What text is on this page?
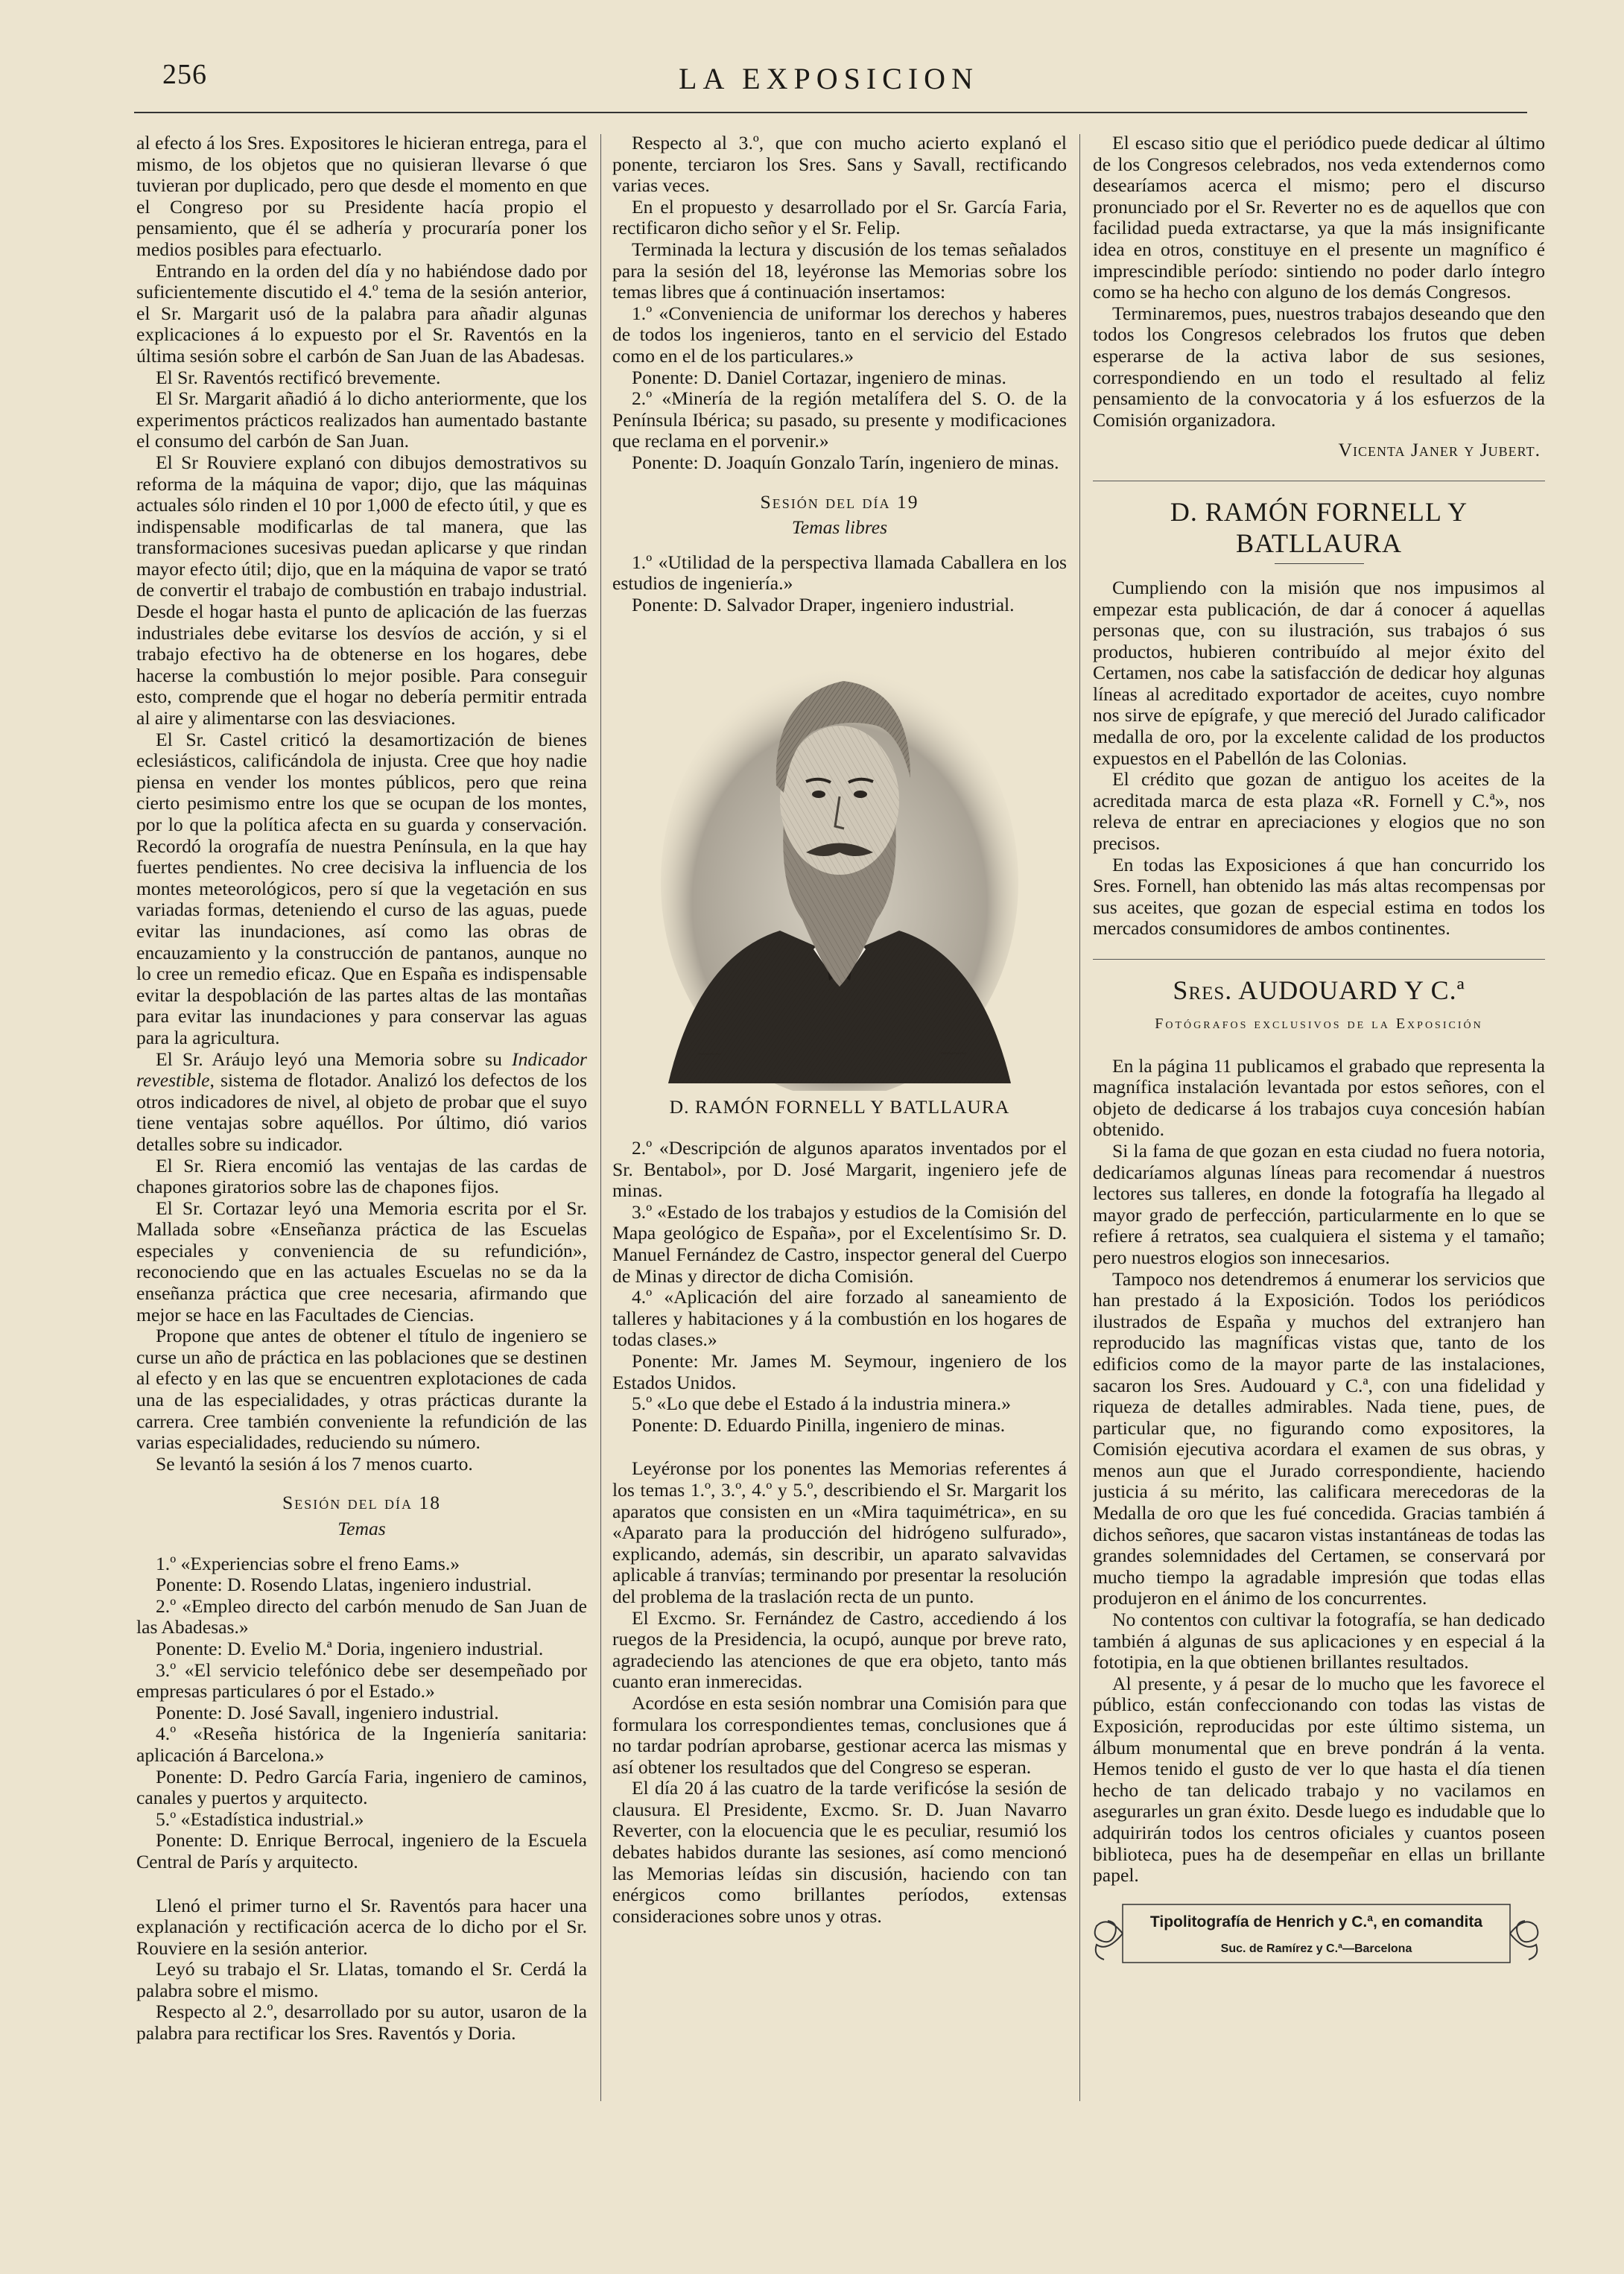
256	LA EXPOSICION

al efecto á los Sres. Expositores le hicieran entrega, para el mismo, de los objetos que no quisieran llevarse ó que tuvieran por duplicado, pero que desde el momento en que el Congreso por su Presidente hacía propio el pensamiento, que él se adhería y procuraría poner los medios posibles para efectuarlo.

Entrando en la orden del día y no habiéndose dado por suficientemente discutido el 4.º tema de la sesión anterior, el Sr. Margarit usó de la palabra para añadir algunas explicaciones á lo expuesto por el Sr. Raventós en la última sesión sobre el carbón de San Juan de las Abadesas.

El Sr. Raventós rectificó brevemente.

El Sr. Margarit añadió á lo dicho anteriormente, que los experimentos prácticos realizados han aumentado bastante el consumo del carbón de San Juan.

El Sr Rouviere explanó con dibujos demostrativos su reforma de la máquina de vapor; dijo, que las máquinas actuales sólo rinden el 10 por 1,000 de efecto útil, y que es indispensable modificarlas de tal manera, que las transformaciones sucesivas puedan aplicarse y que rindan mayor efecto útil; dijo, que en la máquina de vapor se trató de convertir el trabajo de combustión en trabajo industrial. Desde el hogar hasta el punto de aplicación de las fuerzas industriales debe evitarse los desvíos de acción, y si el trabajo efectivo ha de obtenerse en los hogares, debe hacerse la combustión lo mejor posible. Para conseguir esto, comprende que el hogar no debería permitir entrada al aire y alimentarse con las desviaciones.

El Sr. Castel criticó la desamortización de bienes eclesiásticos, calificándola de injusta. Cree que hoy nadie piensa en vender los montes públicos, pero que reina cierto pesimismo entre los que se ocupan de los montes, por lo que la política afecta en su guarda y conservación. Recordó la orografía de nuestra Península, en la que hay fuertes pendientes. No cree decisiva la influencia de los montes meteorológicos, pero sí que la vegetación en sus variadas formas, deteniendo el curso de las aguas, puede evitar las inundaciones, así como las obras de encauzamiento y la construcción de pantanos, aunque no lo cree un remedio eficaz. Que en España es indispensable evitar la despoblación de las partes altas de las montañas para evitar las inundaciones y para conservar las aguas para la agricultura.

El Sr. Aráujo leyó una Memoria sobre su Indicador revestible, sistema de flotador. Analizó los defectos de los otros indicadores de nivel, al objeto de probar que el suyo tiene ventajas sobre aquéllos. Por último, dió varios detalles sobre su indicador.

El Sr. Riera encomió las ventajas de las cardas de chapones giratorios sobre las de chapones fijos.

El Sr. Cortazar leyó una Memoria escrita por el Sr. Mallada sobre «Enseñanza práctica de las Escuelas especiales y conveniencia de su refundición», reconociendo que en las actuales Escuelas no se da la enseñanza práctica que cree necesaria, afirmando que mejor se hace en las Facultades de Ciencias.

Propone que antes de obtener el título de ingeniero se curse un año de práctica en las poblaciones que se destinen al efecto y en las que se encuentren explotaciones de cada una de las especialidades, y otras prácticas durante la carrera. Cree también conveniente la refundición de las varias especialidades, reduciendo su número.

Se levantó la sesión á los 7 menos cuarto.

Sesión del día 18

Temas

1.º «Experiencias sobre el freno Eams.»

Ponente: D. Rosendo Llatas, ingeniero industrial.

2.º «Empleo directo del carbón menudo de San Juan de las Abadesas.»

Ponente: D. Evelio M.ª Doria, ingeniero industrial.

3.º «El servicio telefónico debe ser desempeñado por empresas particulares ó por el Estado.»

Ponente: D. José Savall, ingeniero industrial.

4.º «Reseña histórica de la Ingeniería sanitaria: aplicación á Barcelona.»

Ponente: D. Pedro García Faria, ingeniero de caminos, canales y puertos y arquitecto.

5.º «Estadística industrial.»

Ponente: D. Enrique Berrocal, ingeniero de la Escuela Central de París y arquitecto.

Llenó el primer turno el Sr. Raventós para hacer una explanación y rectificación acerca de lo dicho por el Sr. Rouviere en la sesión anterior.

Leyó su trabajo el Sr. Llatas, tomando el Sr. Cerdá la palabra sobre el mismo.

Respecto al 2.º, desarrollado por su autor, usaron de la palabra para rectificar los Sres. Raventós y Doria.

Respecto al 3.º, que con mucho acierto explanó el ponente, terciaron los Sres. Sans y Savall, rectificando varias veces.

En el propuesto y desarrollado por el Sr. García Faria, rectificaron dicho señor y el Sr. Felip.

Terminada la lectura y discusión de los temas señalados para la sesión del 18, leyéronse las Memorias sobre los temas libres que á continuación insertamos:

1.º «Conveniencia de uniformar los derechos y haberes de todos los ingenieros, tanto en el servicio del Estado como en el de los particulares.»

Ponente: D. Daniel Cortazar, ingeniero de minas.

2.º «Minería de la región metalífera del S. O. de la Península Ibérica; su pasado, su presente y modificaciones que reclama en el porvenir.»

Ponente: D. Joaquín Gonzalo Tarín, ingeniero de minas.

Sesión del día 19

Temas libres

1.º «Utilidad de la perspectiva llamada Caballera en los estudios de ingeniería.»

Ponente: D. Salvador Draper, ingeniero industrial.

~~~~	~~~~

D. RAMÓN FORNELL Y BATLLAURA

2.º «Descripción de algunos aparatos inventados por el Sr. Bentabol», por D. José Margarit, ingeniero jefe de minas.

3.º «Estado de los trabajos y estudios de la Comisión del Mapa geológico de España», por el Excelentísimo Sr. D. Manuel Fernández de Castro, inspector general del Cuerpo de Minas y director de dicha Comisión.

4.º «Aplicación del aire forzado al saneamiento de talleres y habitaciones y á la combustión en los hogares de todas clases.»

Ponente: Mr. James M. Seymour, ingeniero de los Estados Unidos.

5.º «Lo que debe el Estado á la industria minera.»

Ponente: D. Eduardo Pinilla, ingeniero de minas.

Leyéronse por los ponentes las Memorias referentes á los temas 1.º, 3.º, 4.º y 5.º, describiendo el Sr. Margarit los aparatos que consisten en un «Mira taquimétrica», en su «Aparato para la producción del hidrógeno sulfurado», explicando, además, sin describir, un aparato salvavidas aplicable á tranvías; terminando por presentar la resolución del problema de la traslación recta de un punto.

El Excmo. Sr. Fernández de Castro, accediendo á los ruegos de la Presidencia, la ocupó, aunque por breve rato, agradeciendo las atenciones de que era objeto, tanto más cuanto eran inmerecidas.

Acordóse en esta sesión nombrar una Comisión para que formulara los correspondientes temas, conclusiones que á no tardar podrían aprobarse, gestionar acerca las mismas y así obtener los resultados que del Congreso se esperan.

El día 20 á las cuatro de la tarde verificóse la sesión de clausura. El Presidente, Excmo. Sr. D. Juan Navarro Reverter, con la elocuencia que le es peculiar, resumió los debates habidos durante las sesiones, así como mencionó las Memorias leídas sin discusión, haciendo con tan enérgicos como brillantes períodos, extensas consideraciones sobre unos y otras.

El escaso sitio que el periódico puede dedicar al último de los Congresos celebrados, nos veda extendernos como desearíamos acerca el mismo; pero el discurso pronunciado por el Sr. Reverter no es de aquellos que con facilidad pueda extractarse, ya que la más insignificante idea en otros, constituye en el presente un magnífico é imprescindible período: sintiendo no poder darlo íntegro como se ha hecho con alguno de los demás Congresos.

Terminaremos, pues, nuestros trabajos deseando que den todos los Congresos celebrados los frutos que deben esperarse de la activa labor de sus sesiones, correspondiendo en un todo el resultado al feliz pensamiento de la convocatoria y á los esfuerzos de la Comisión organizadora.

Vicenta Janer y Jubert.

D. RAMÓN FORNELL Y BATLLAURA

Cumpliendo con la misión que nos impusimos al empezar esta publicación, de dar á conocer á aquellas personas que, con su ilustración, sus trabajos ó sus productos, hubieren contribuído al mejor éxito del Certamen, nos cabe la satisfacción de dedicar hoy algunas líneas al acreditado exportador de aceites, cuyo nombre nos sirve de epígrafe, y que mereció del Jurado calificador medalla de oro, por la excelente calidad de los productos expuestos en el Pabellón de las Colonias.

El crédito que gozan de antiguo los aceites de la acreditada marca de esta plaza «R. Fornell y C.ª», nos releva de entrar en apreciaciones y elogios que no son precisos.

En todas las Exposiciones á que han concurrido los Sres. Fornell, han obtenido las más altas recompensas por sus aceites, que gozan de especial estima en todos los mercados consumidores de ambos continentes.

Sres. AUDOUARD Y C.ª

Fotógrafos exclusivos de la Exposición

En la página 11 publicamos el grabado que representa la magnífica instalación levantada por estos señores, con el objeto de dedicarse á los trabajos cuya concesión habían obtenido.

Si la fama de que gozan en esta ciudad no fuera notoria, dedicaríamos algunas líneas para recomendar á nuestros lectores sus talleres, en donde la fotografía ha llegado al mayor grado de perfección, particularmente en lo que se refiere á retratos, sea cualquiera el sistema y el tamaño; pero nuestros elogios son innecesarios.

Tampoco nos detendremos á enumerar los servicios que han prestado á la Exposición. Todos los periódicos ilustrados de España y muchos del extranjero han reproducido las magníficas vistas que, tanto de los edificios como de la mayor parte de las instalaciones, sacaron los Sres. Audouard y C.ª, con una fidelidad y riqueza de detalles admirables. Nada tiene, pues, de particular que, no figurando como expositores, la Comisión ejecutiva acordara el examen de sus obras, y menos aun que el Jurado correspondiente, haciendo justicia á su mérito, las calificara merecedoras de la Medalla de oro que les fué concedida. Gracias también á dichos señores, que sacaron vistas instantáneas de todas las grandes solemnidades del Certamen, se conservará por mucho tiempo la agradable impresión que todas ellas produjeron en el ánimo de los concurrentes.

No contentos con cultivar la fotografía, se han dedicado también á algunas de sus aplicaciones y en especial á la fototipia, en la que obtienen brillantes resultados.

Al presente, y á pesar de lo mucho que les favorece el público, están confeccionando con todas las vistas de Exposición, reproducidas por este último sistema, un álbum monumental que en breve pondrán á la venta. Hemos tenido el gusto de ver lo que hasta el día tienen hecho de tan delicado trabajo y no vacilamos en asegurarles un gran éxito. Desde luego es indudable que lo adquirirán todos los centros oficiales y cuantos poseen biblioteca, pues ha de desempeñar en ellas un brillante papel.

Tipolitografía de Henrich y C.ª, en comandita
Suc. de Ramírez y C.ª—Barcelona
